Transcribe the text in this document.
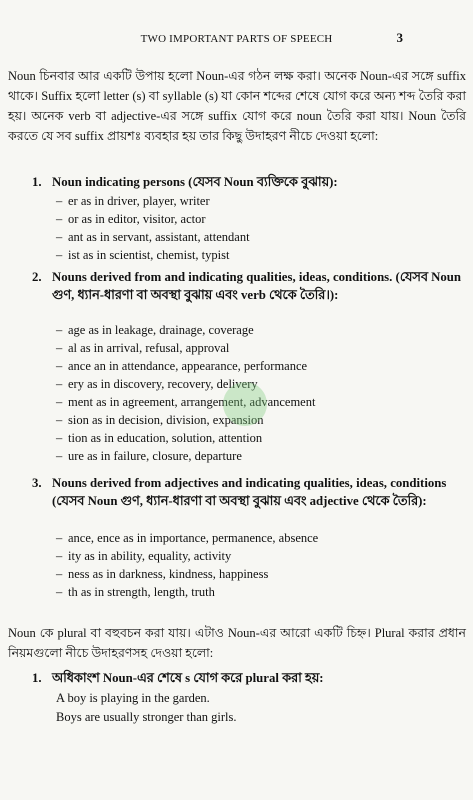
TWO IMPORTANT PARTS OF SPEECH	3
Noun চিনবার আর একটি উপায় হলো Noun-এর গঠন লক্ষ করা। অনেক Noun-এর সঙ্গে suffix থাকে। Suffix হলো letter (s) বা syllable (s) যা কোন শব্দের শেষে যোগ করে অন্য শব্দ তৈরি করা হয়। অনেক verb বা adjective-এর সঙ্গে suffix যোগ করে noun তৈরি করা যায়। Noun তৈরি করতে যে সব suffix প্রায়শঃ ব্যবহার হয় তার কিছু উদাহরণ নীচে দেওয়া হলো:
1. Noun indicating persons (যেসব Noun ব্যক্তিকে বুঝায়):
– er as in driver, player, writer
– or as in editor, visitor, actor
– ant as in servant, assistant, attendant
– ist as in scientist, chemist, typist
2. Nouns derived from and indicating qualities, ideas, conditions. (যেসব Noun গুণ, ধ্যান-ধারণা বা অবস্থা বুঝায় এবং verb থেকে তৈরি।):
– age as in leakage, drainage, coverage
– al as in arrival, refusal, approval
– ance an in attendance, appearance, performance
– ery as in discovery, recovery, delivery
– ment as in agreement, arrangement, advancement
– sion as in decision, division, expansion
– tion as in education, solution, attention
– ure as in failure, closure, departure
3. Nouns derived from adjectives and indicating qualities, ideas, conditions (যেসব Noun গুণ, ধ্যান-ধারণা বা অবস্থা বুঝায় এবং adjective থেকে তৈরি):
– ance, ence as in importance, permanence, absence
– ity as in ability, equality, activity
– ness as in darkness, kindness, happiness
– th as in strength, length, truth
Noun কে plural বা বহুবচন করা যায়। এটাও Noun-এর আরো একটি চিহ্ন। Plural করার প্রধান নিয়মগুলো নীচে উদাহরণসহ দেওয়া হলো:
1. অধিকাংশ Noun-এর শেষে s যোগ করে plural করা হয়:
A boy is playing in the garden.
Boys are usually stronger than girls.
